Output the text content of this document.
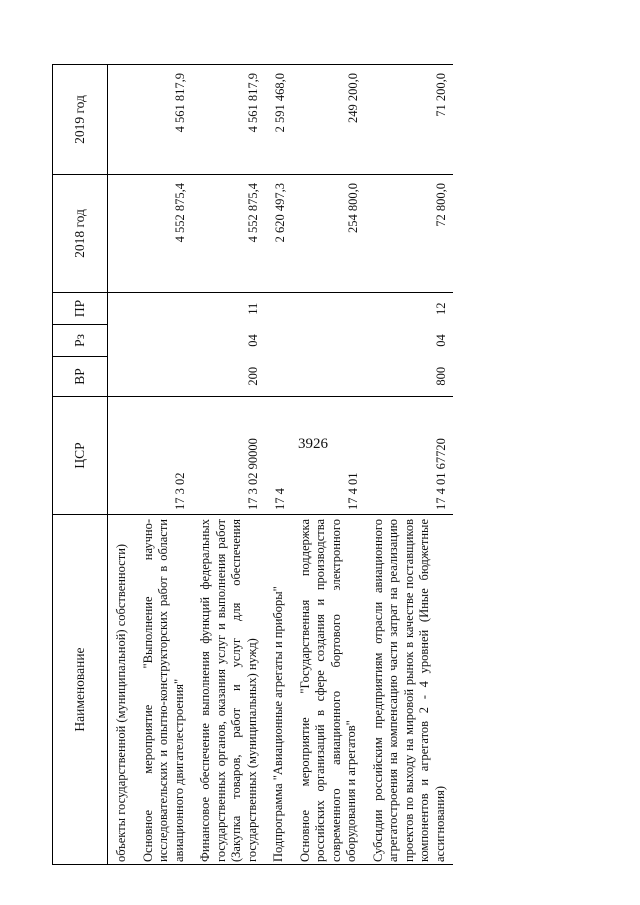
3926
Наименование	ЦСР	ВР	Рз	ПР	2018 год	2019 год
объекты государственной (муниципальной) собственности)						
Основное мероприятие "Выполнение научно-исследовательских и опытно-конструкторских работ в области авиационного двигателестроения"	17 3 02				4 552 875,4	4 561 817,9
Финансовое обеспечение выполнения функций федеральных государственных органов, оказания услуг и выполнения работ (Закупка товаров, работ и услуг для обеспечения государственных (муниципальных) нужд)	17 3 02 90000	200	04	11	4 552 875,4	4 561 817,9
Подпрограмма "Авиационные агрегаты и приборы"	17 4				2 620 497,3	2 591 468,0
Основное мероприятие "Государственная поддержка российских организаций в сфере создания и производства современного авиационного бортового электронного оборудования и агрегатов"	17 4 01				254 800,0	249 200,0
Субсидии российским предприятиям отрасли авиационного агрегатостроения на компенсацию части затрат на реализацию проектов по выходу на мировой рынок в качестве поставщиков компонентов и агрегатов 2 - 4 уровней (Иные бюджетные ассигнования)	17 4 01 67720	800	04	12	72 800,0	71 200,0
